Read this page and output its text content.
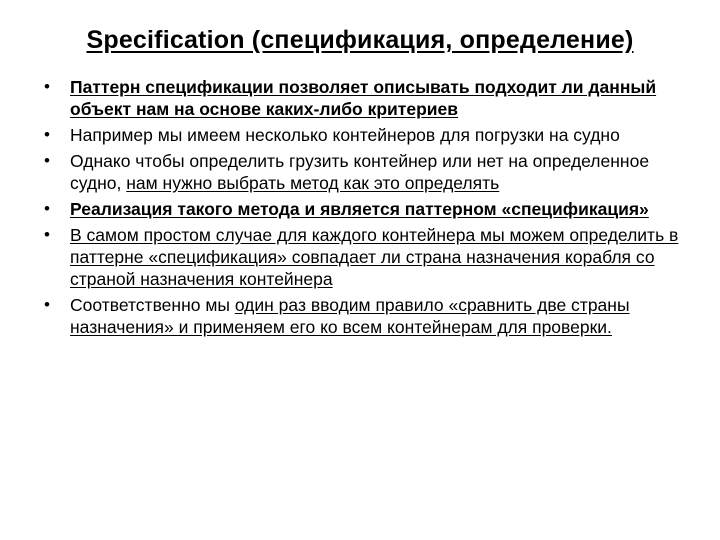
Specification (спецификация, определение)
• Паттерн спецификации позволяет описывать подходит ли данный объект нам на основе каких-либо критериев
• Например мы имеем несколько контейнеров для погрузки на судно
• Однако чтобы определить грузить контейнер или нет на определенное судно, нам нужно выбрать метод как это определять
• Реализация такого метода и является паттерном «спецификация»
• В самом простом случае для каждого контейнера мы можем определить в паттерне «спецификация» совпадает ли страна назначения корабля со страной назначения контейнера
• Соответственно мы один раз вводим правило «сравнить две страны назначения» и применяем его ко всем контейнерам для проверки.
